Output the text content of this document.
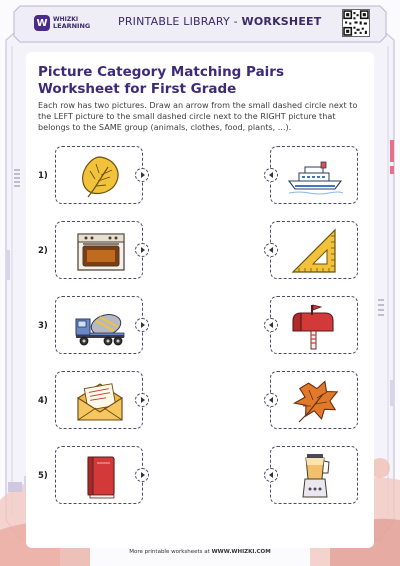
W WHIZKI
LEARNING	PRINTABLE LIBRARY - WORKSHEET
Picture Category Matching Pairs Worksheet for First Grade
Each row has two pictures. Draw an arrow from the small dashed circle next to the LEFT picture to the small dashed circle next to the RIGHT picture that belongs to the SAME group (animals, clothes, food, plants, ...).
1)
2)
3)
4)
5)
More printable worksheets at WWW.WHIZKI.COM
